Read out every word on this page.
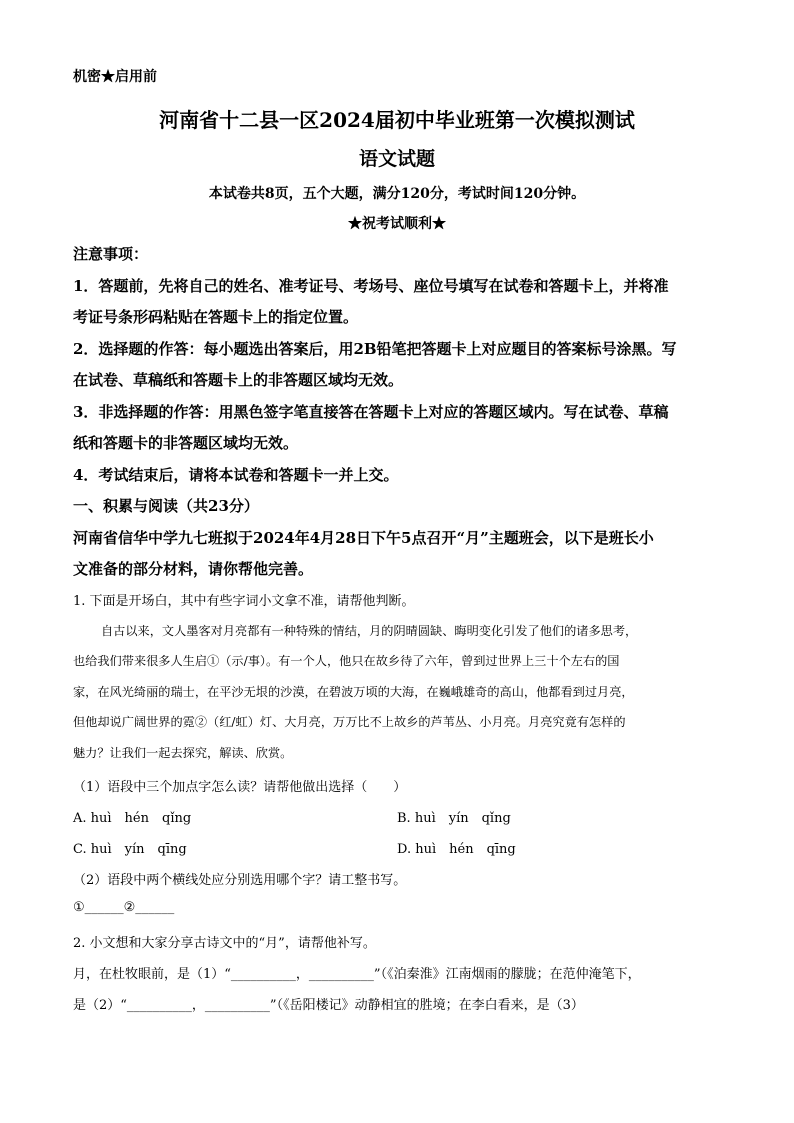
机密★启用前
河南省十二县一区2024届初中毕业班第一次模拟测试
语文试题
本试卷共8页，五个大题，满分120分，考试时间120分钟。
★祝考试顺利★
注意事项：
1．答题前，先将自己的姓名、准考证号、考场号、座位号填写在试卷和答题卡上，并将准
考证号条形码粘贴在答题卡上的指定位置。
2．选择题的作答：每小题选出答案后，用2B铅笔把答题卡上对应题目的答案标号涂黑。写
在试卷、草稿纸和答题卡上的非答题区域均无效。
3．非选择题的作答：用黑色签字笔直接答在答题卡上对应的答题区域内。写在试卷、草稿
纸和答题卡的非答题区域均无效。
4．考试结束后，请将本试卷和答题卡一并上交。
一、积累与阅读（共23分）
河南省信华中学九七班拟于2024年4月28日下午5点召开“月”主题班会，以下是班长小
文准备的部分材料，请你帮他完善。
1. 下面是开场白，其中有些字词小文拿不准，请帮他判断。
自古以来，文人墨客对月亮都有一种特殊的情结，月的阴晴圆缺、晦明变化引发了他们的诸多思考，
也给我们带来很多人生启①（示/事）。有一个人，他只在故乡待了六年，曾到过世界上三十个左右的国
家，在风光绮丽的瑞士，在平沙无垠的沙漠，在碧波万顷的大海，在巍峨雄奇的高山，他都看到过月亮，
但他却说广阔世界的霓②（红/虹）灯、大月亮，万万比不上故乡的芦苇丛、小月亮。月亮究竟有怎样的
魅力？让我们一起去探究，解读、欣赏。
（1）语段中三个加点字怎么读？请帮他做出选择（　　）
A. huì　hén　qǐng	B. huì　yín　qǐng
C. huì　yín　qīng	D. huì　hén　qīng
（2）语段中两个横线处应分别选用哪个字？请工整书写。
①______②______
2. 小文想和大家分享古诗文中的“月”，请帮他补写。
月，在杜牧眼前，是（1）“__________，__________”（《泊秦淮》江南烟雨的朦胧；在范仲淹笔下，
是（2）“__________，__________”（《岳阳楼记》动静相宜的胜境；在李白看来，是（3）
